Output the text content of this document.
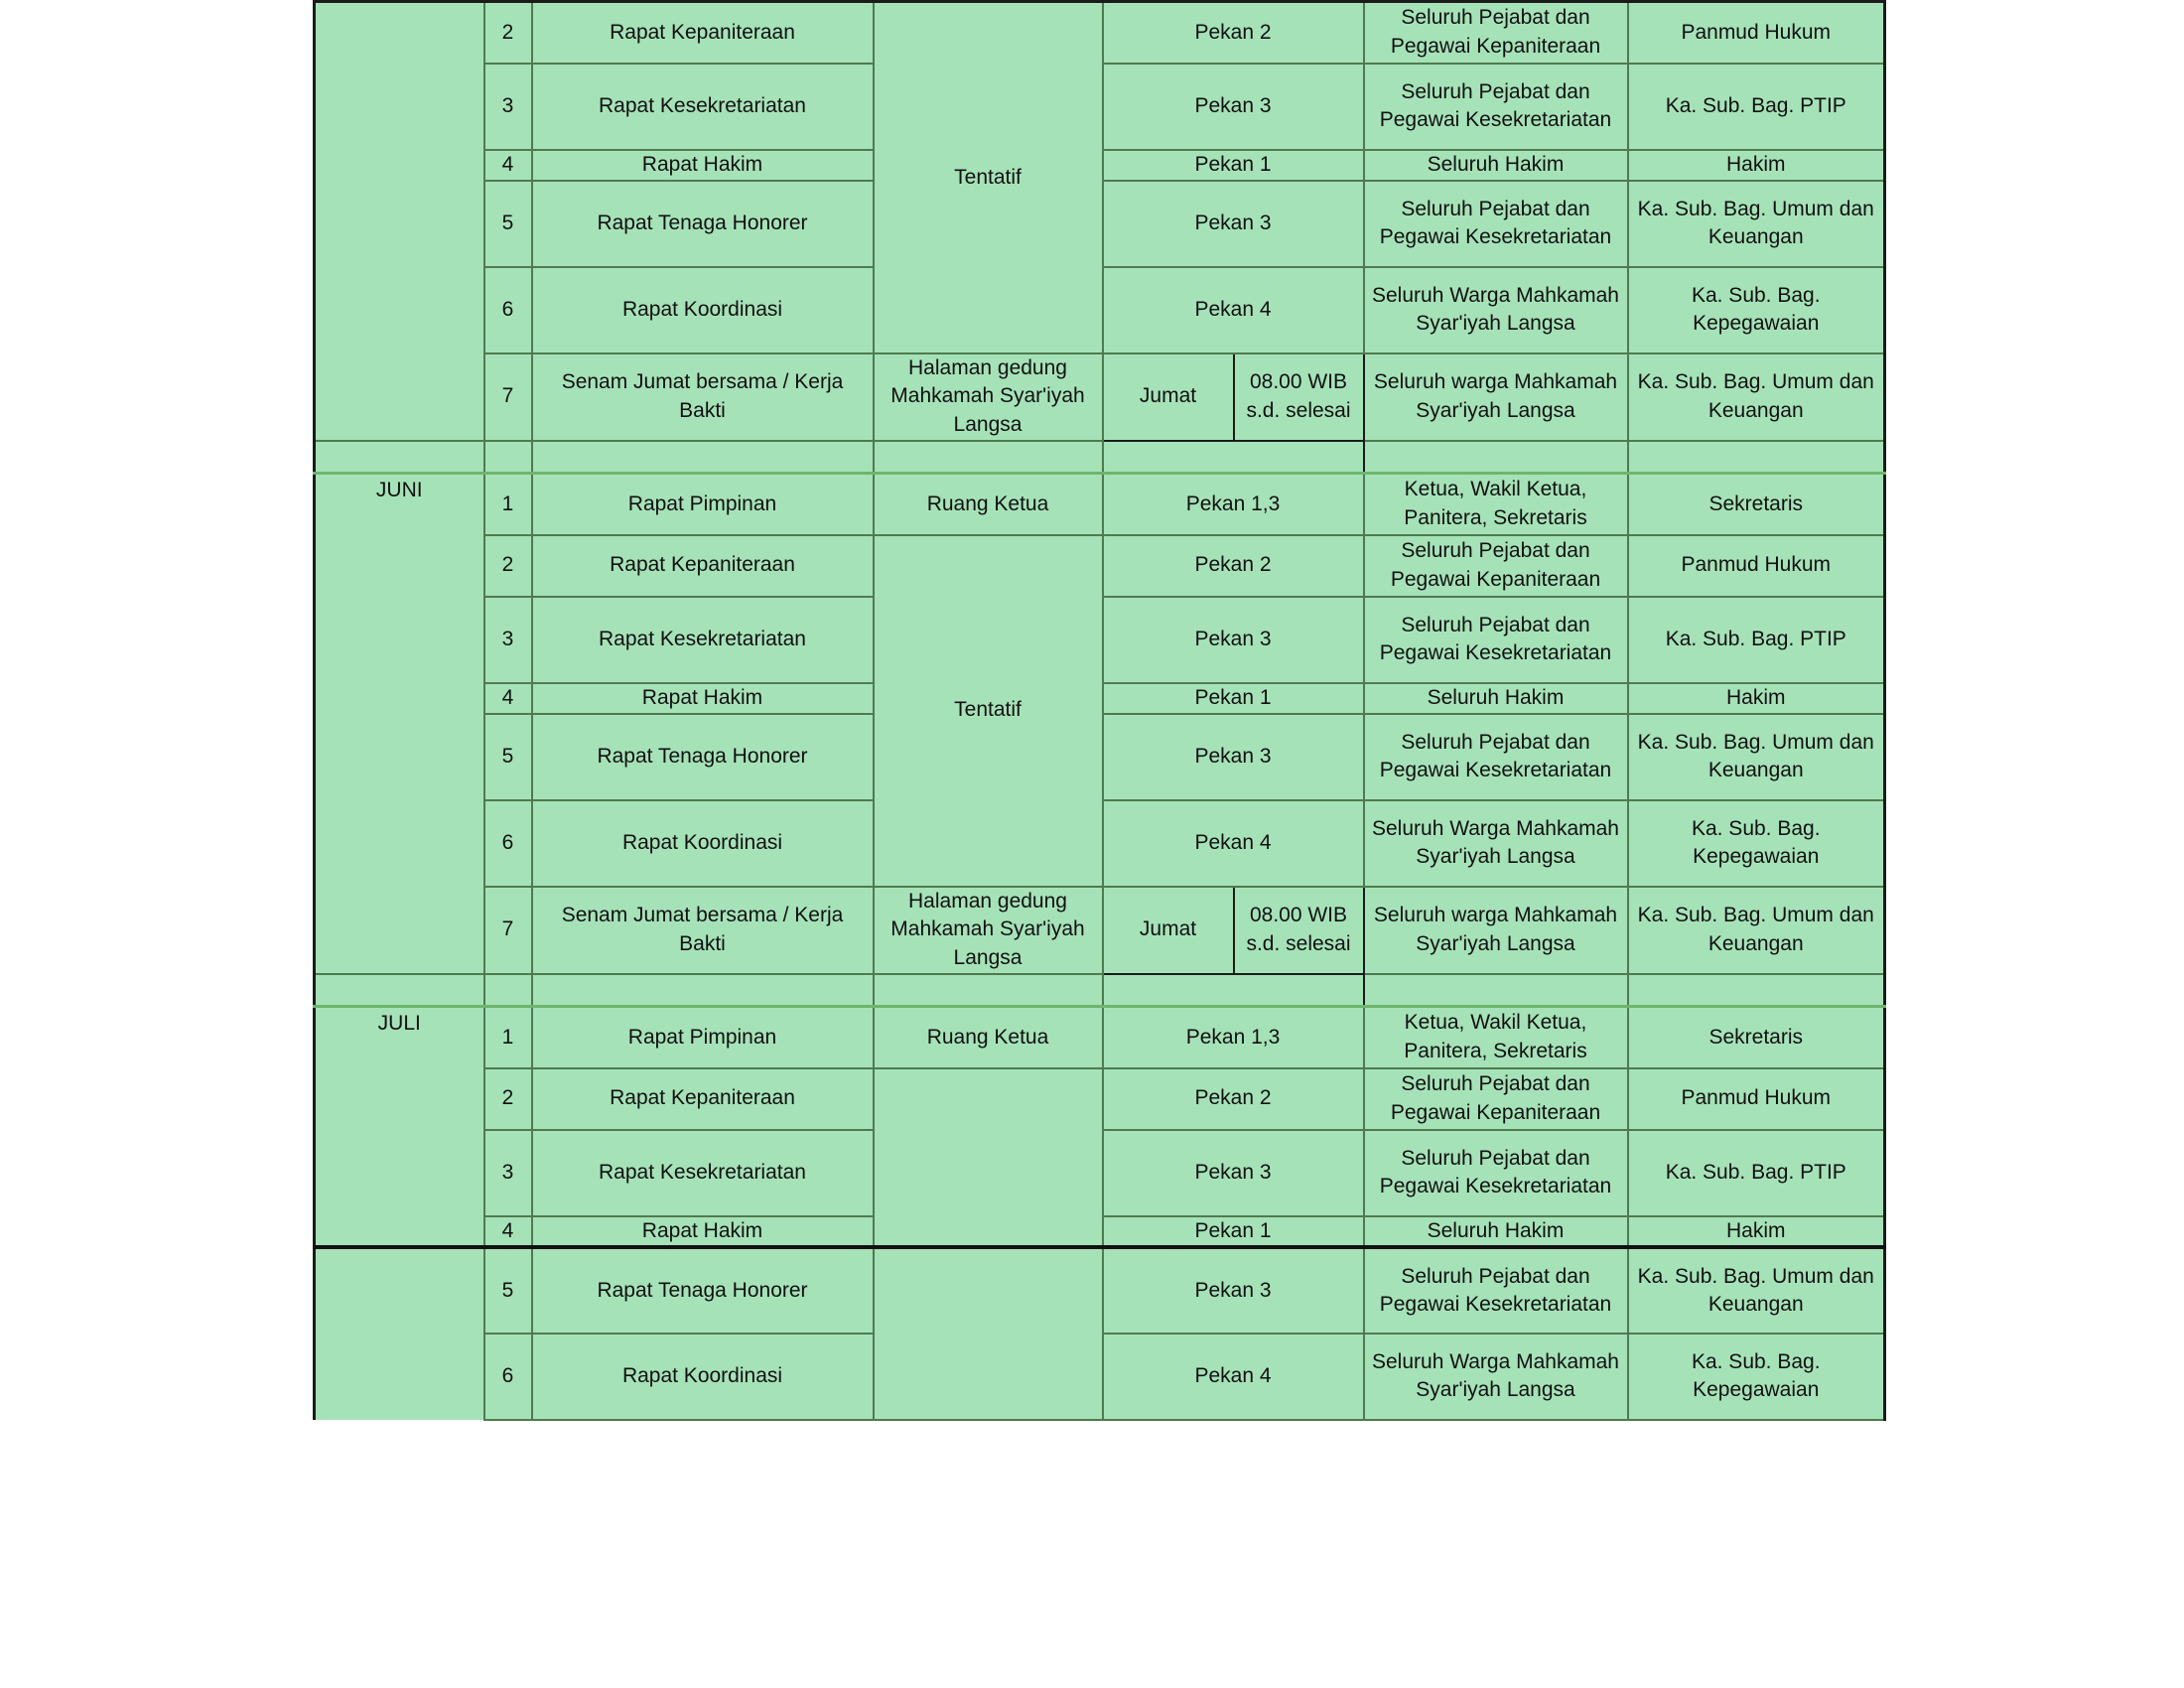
	2	Rapat Kepaniteraan	Tentatif	Pekan 2		Seluruh Pejabat dan Pegawai Kepaniteraan	Panmud Hukum
	3	Rapat Kesekretariatan		Pekan 3		Seluruh Pejabat dan Pegawai Kesekretariatan	Ka. Sub. Bag. PTIP
	4	Rapat Hakim		Pekan 1		Seluruh Hakim	Hakim
	5	Rapat Tenaga Honorer		Pekan 3		Seluruh Pejabat dan Pegawai Kesekretariatan	Ka. Sub. Bag. Umum dan Keuangan
	6	Rapat Koordinasi		Pekan 4		Seluruh Warga Mahkamah Syar'iyah Langsa	Ka. Sub. Bag. Kepegawaian
	7	Senam Jumat bersama / Kerja Bakti	Halaman gedung Mahkamah Syar'iyah Langsa	Jumat	08.00 WIB s.d. selesai	Seluruh warga Mahkamah Syar'iyah Langsa	Ka. Sub. Bag. Umum dan Keuangan

JUNI	1	Rapat Pimpinan	Ruang Ketua	Pekan 1,3		Ketua, Wakil Ketua, Panitera, Sekretaris	Sekretaris
	2	Rapat Kepaniteraan	Tentatif	Pekan 2		Seluruh Pejabat dan Pegawai Kepaniteraan	Panmud Hukum
	3	Rapat Kesekretariatan		Pekan 3		Seluruh Pejabat dan Pegawai Kesekretariatan	Ka. Sub. Bag. PTIP
	4	Rapat Hakim		Pekan 1		Seluruh Hakim	Hakim
	5	Rapat Tenaga Honorer		Pekan 3		Seluruh Pejabat dan Pegawai Kesekretariatan	Ka. Sub. Bag. Umum dan Keuangan
	6	Rapat Koordinasi		Pekan 4		Seluruh Warga Mahkamah Syar'iyah Langsa	Ka. Sub. Bag. Kepegawaian
	7	Senam Jumat bersama / Kerja Bakti	Halaman gedung Mahkamah Syar'iyah Langsa	Jumat	08.00 WIB s.d. selesai	Seluruh warga Mahkamah Syar'iyah Langsa	Ka. Sub. Bag. Umum dan Keuangan

JULI	1	Rapat Pimpinan	Ruang Ketua	Pekan 1,3		Ketua, Wakil Ketua, Panitera, Sekretaris	Sekretaris
	2	Rapat Kepaniteraan		Pekan 2		Seluruh Pejabat dan Pegawai Kepaniteraan	Panmud Hukum
	3	Rapat Kesekretariatan		Pekan 3		Seluruh Pejabat dan Pegawai Kesekretariatan	Ka. Sub. Bag. PTIP
	4	Rapat Hakim		Pekan 1		Seluruh Hakim	Hakim
	5	Rapat Tenaga Honorer		Pekan 3		Seluruh Pejabat dan Pegawai Kesekretariatan	Ka. Sub. Bag. Umum dan Keuangan
	6	Rapat Koordinasi		Pekan 4		Seluruh Warga Mahkamah Syar'iyah Langsa	Ka. Sub. Bag. Kepegawaian
